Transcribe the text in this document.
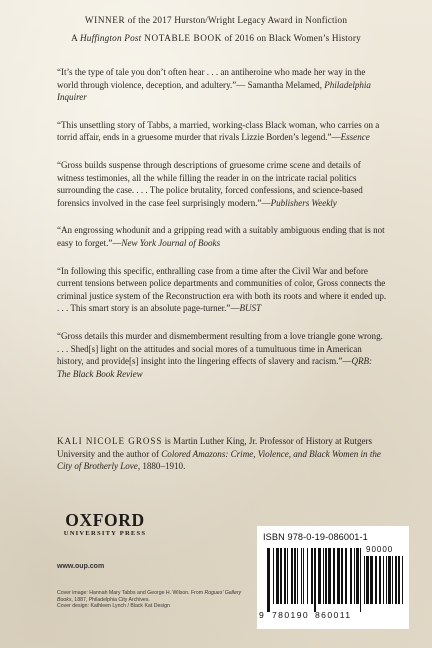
WINNER of the 2017 Hurston/Wright Legacy Award in Nonfiction
A Huffington Post NOTABLE BOOK of 2016 on Black Women’s History

“It’s the type of tale you don’t often hear . . . an antiheroine who made her way in the world through violence, deception, and adultery.”— Samantha Melamed, Philadelphia Inquirer

“This unsettling story of Tabbs, a married, working-class Black woman, who carries on a torrid affair, ends in a gruesome murder that rivals Lizzie Borden’s legend.”—Essence

“Gross builds suspense through descriptions of gruesome crime scene and details of witness testimonies, all the while filling the reader in on the intricate racial politics surrounding the case. . . . The police brutality, forced confessions, and science-based forensics involved in the case feel surprisingly modern.”—Publishers Weekly

“An engrossing whodunit and a gripping read with a suitably ambiguous ending that is not easy to forget.”—New York Journal of Books

“In following this specific, enthralling case from a time after the Civil War and before current tensions between police departments and communities of color, Gross connects the criminal justice system of the Reconstruction era with both its roots and where it ended up. . . . This smart story is an absolute page-turner.”—BUST

“Gross details this murder and dismemberment resulting from a love triangle gone wrong. . . . Shed[s] light on the attitudes and social mores of a tumultuous time in American history, and provide[s] insight into the lingering effects of slavery and racism.”—QRB: The Black Book Review

KALI NICOLE GROSS is Martin Luther King, Jr. Professor of History at Rutgers University and the author of Colored Amazons: Crime, Violence, and Black Women in the City of Brotherly Love, 1880–1910.

OXFORD
UNIVERSITY PRESS
www.oup.com
Cover image: Hannah Mary Tabbs and George H. Wilson. From Rogues’ Gallery Books, 1887, Philadelphia City Archives.
Cover design: Kathleen Lynch / Black Kat Design
ISBN 978-0-19-086001-1
90000
9 780190 860011
